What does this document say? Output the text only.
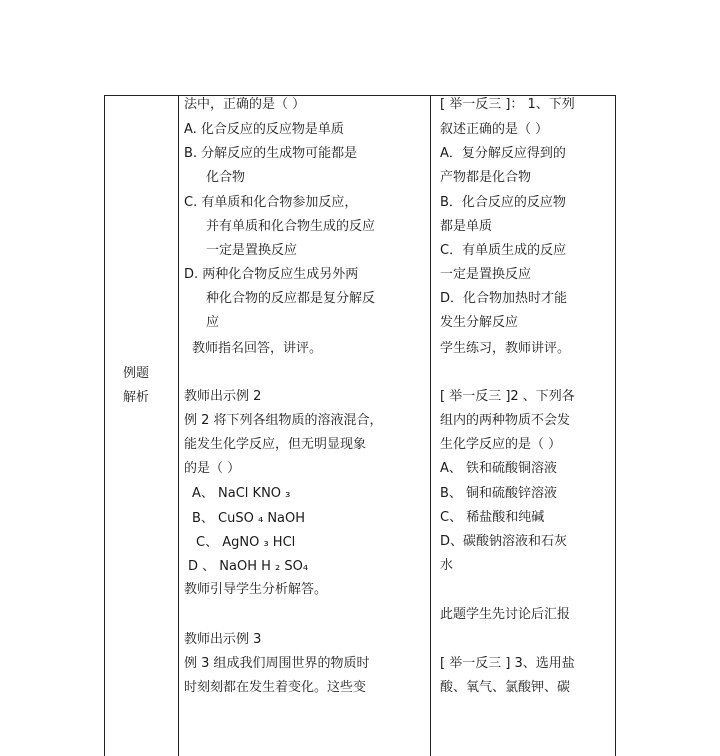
例题
解析
法中，正确的是（ ）
A. 化合反应的反应物是单质
B. 分解反应的生成物可能都是
化合物
C. 有单质和化合物参加反应，
并有单质和化合物生成的反应
一定是置换反应
D. 两种化合物反应生成另外两
种化合物的反应都是复分解反
应
教师指名回答，讲评。
教师出示例 2
例 2 将下列各组物质的溶液混合，
能发生化学反应，但无明显现象
的是（ ）
A、 NaCl KNO ₃
B、 CuSO ₄ NaOH
C、 AgNO ₃ HCl
D 、 NaOH H ₂ SO₄
教师引导学生分析解答。
教师出示例 3
例 3 组成我们周围世界的物质时
时刻刻都在发生着变化。这些变
[ 举一反三 ]： 1、下列
叙述正确的是（ ）
A．复分解反应得到的
产物都是化合物
B．化合反应的反应物
都是单质
C．有单质生成的反应
一定是置换反应
D．化合物加热时才能
发生分解反应
学生练习，教师讲评。
[ 举一反三 ]2 、下列各
组内的两种物质不会发
生化学反应的是（ ）
A、 铁和硫酸铜溶液
B、 铜和硫酸锌溶液
C、 稀盐酸和纯碱
D、碳酸钠溶液和石灰
水
此题学生先讨论后汇报
[ 举一反三 ] 3、选用盐
酸、氧气、氯酸钾、碳
